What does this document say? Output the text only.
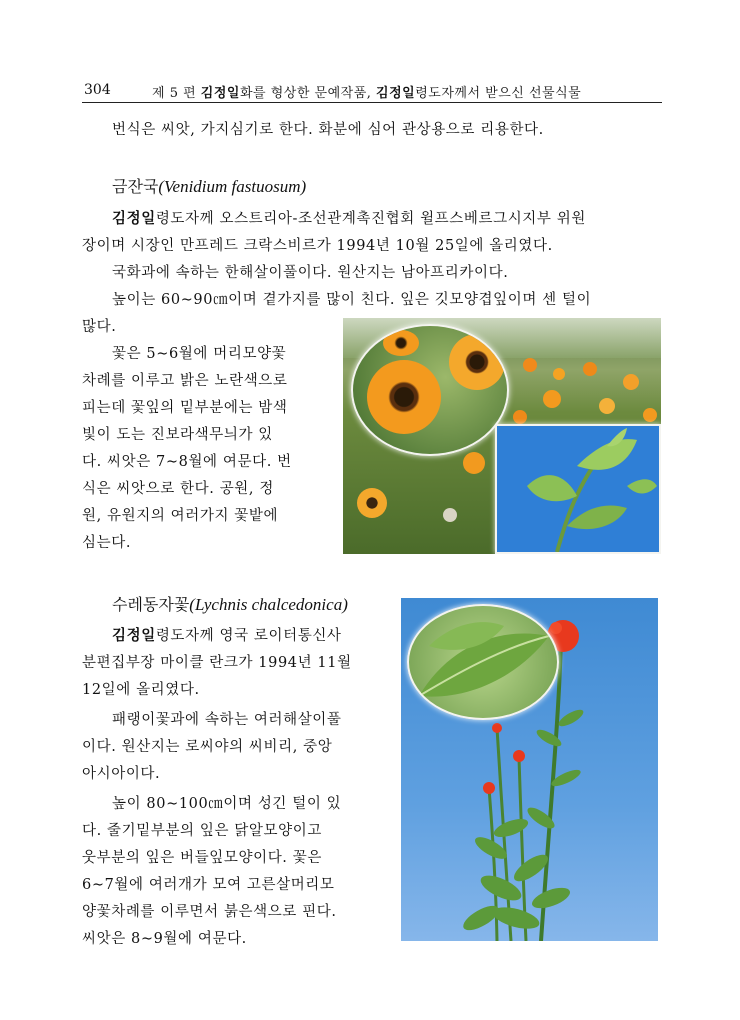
304	제 5 편 김정일화를 형상한 문예작품, 김정일령도자께서 받으신 선물식물
번식은 씨앗, 가지심기로 한다. 화분에 심어 관상용으로 리용한다.
금잔국(Venidium fastuosum)
김정일령도자께 오스트리아-조선관계촉진협회 윌프스베르그시지부 위원
장이며 시장인 만프레드 크락스비르가 1994년 10월 25일에 올리였다.
국화과에 속하는 한해살이풀이다. 원산지는 남아프리카이다.
높이는 60∼90㎝이며 곁가지를 많이 친다. 잎은 깃모양겹잎이며 센 털이
많다.
꽃은 5∼6월에 머리모양꽃
차례를 이루고 밝은 노란색으로
피는데 꽃잎의 밑부분에는 밤색
빛이 도는 진보라색무늬가 있
다. 씨앗은 7∼8월에 여문다. 번
식은 씨앗으로 한다. 공원, 정
원, 유원지의 여러가지 꽃밭에
심는다.
수레동자꽃(Lychnis chalcedonica)
김정일령도자께 영국 로이터통신사
분편집부장 마이클 란크가 1994년 11월
12일에 올리였다.
패랭이꽃과에 속하는 여러해살이풀
이다. 원산지는 로씨야의 씨비리, 중앙
아시아이다.
높이 80∼100㎝이며 성긴 털이 있
다. 줄기밑부분의 잎은 닭알모양이고
웃부분의 잎은 버들잎모양이다. 꽃은
6∼7월에 여러개가 모여 고른살머리모
양꽃차례를 이루면서 붉은색으로 핀다.
씨앗은 8∼9월에 여문다.
